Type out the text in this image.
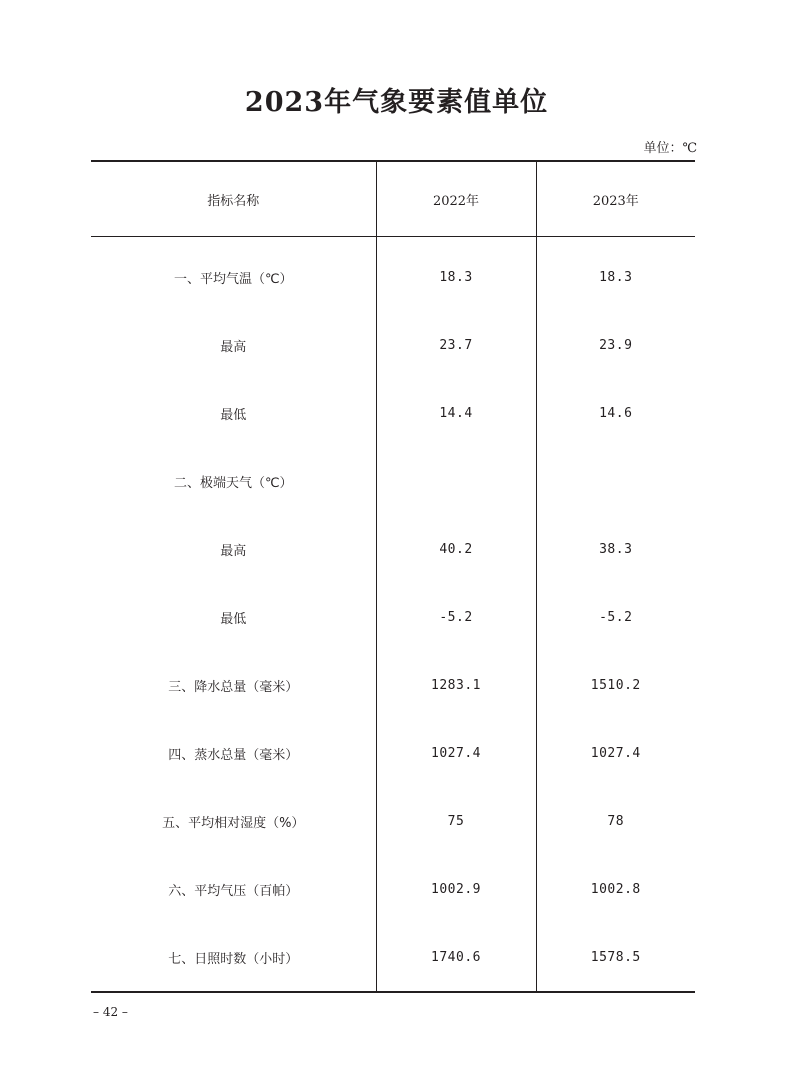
2023年气象要素值单位
单位：℃
指标名称	2022年	2023年
一、平均气温（℃）	18.3	18.3
最高	23.7	23.9
最低	14.4	14.6
二、极端天气（℃）		
最高	40.2	38.3
最低	-5.2	-5.2
三、降水总量（毫米）	1283.1	1510.2
四、蒸水总量（毫米）	1027.4	1027.4
五、平均相对湿度（%）	75	78
六、平均气压（百帕）	1002.9	1002.8
七、日照时数（小时）	1740.6	1578.5
– 42 –
